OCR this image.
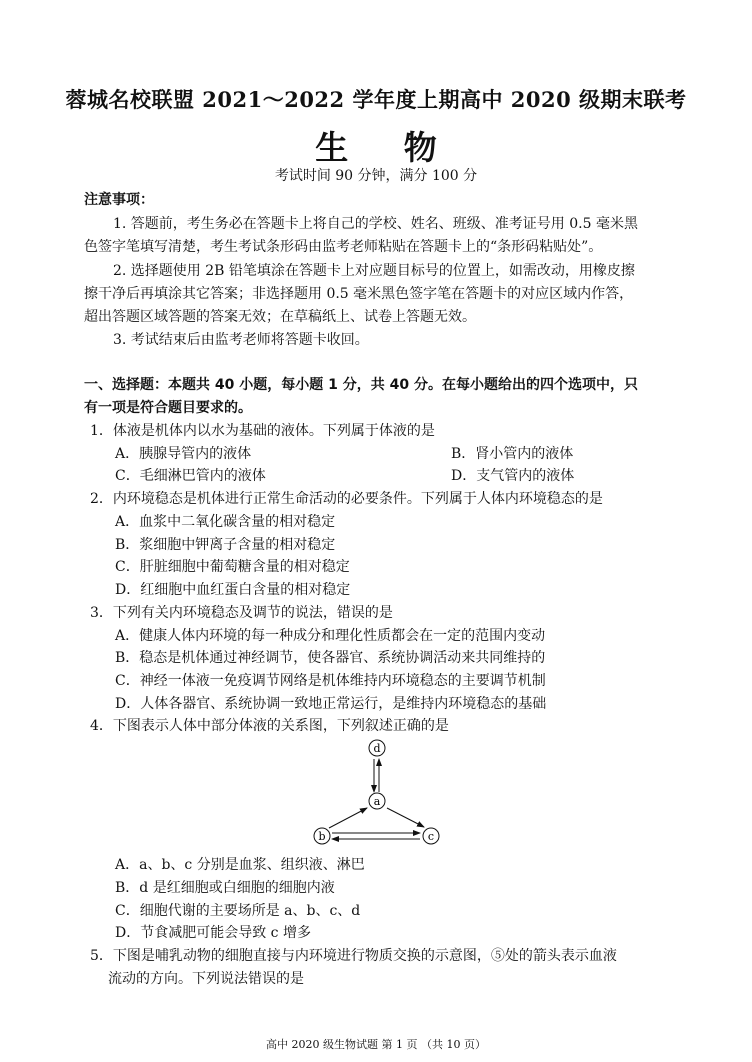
蓉城名校联盟 2021～2022 学年度上期高中 2020 级期末联考
生 物
考试时间 90 分钟，满分 100 分
注意事项：
1. 答题前，考生务必在答题卡上将自己的学校、姓名、班级、准考证号用 0.5 毫米黑
色签字笔填写清楚，考生考试条形码由监考老师粘贴在答题卡上的“条形码粘贴处”。
2. 选择题使用 2B 铅笔填涂在答题卡上对应题目标号的位置上，如需改动，用橡皮擦
擦干净后再填涂其它答案；非选择题用 0.5 毫米黑色签字笔在答题卡的对应区域内作答，
超出答题区域答题的答案无效；在草稿纸上、试卷上答题无效。
3. 考试结束后由监考老师将答题卡收回。
一、选择题：本题共 40 小题，每小题 1 分，共 40 分。在每小题给出的四个选项中，只
有一项是符合题目要求的。
1．体液是机体内以水为基础的液体。下列属于体液的是
A．胰腺导管内的液体	B．肾小管内的液体
C．毛细淋巴管内的液体	D．支气管内的液体
2．内环境稳态是机体进行正常生命活动的必要条件。下列属于人体内环境稳态的是
A．血浆中二氧化碳含量的相对稳定
B．浆细胞中钾离子含量的相对稳定
C．肝脏细胞中葡萄糖含量的相对稳定
D．红细胞中血红蛋白含量的相对稳定
3．下列有关内环境稳态及调节的说法，错误的是
A．健康人体内环境的每一种成分和理化性质都会在一定的范围内变动
B．稳态是机体通过神经调节，使各器官、系统协调活动来共同维持的
C．神经一体液一免疫调节网络是机体维持内环境稳态的主要调节机制
D．人体各器官、系统协调一致地正常运行，是维持内环境稳态的基础
4．下图表示人体中部分体液的关系图，下列叙述正确的是
d
a
b	c
A．a、b、c 分别是血浆、组织液、淋巴
B．d 是红细胞或白细胞的细胞内液
C．细胞代谢的主要场所是 a、b、c、d
D．节食减肥可能会导致 c 增多
5．下图是哺乳动物的细胞直接与内环境进行物质交换的示意图，⑤处的箭头表示血液
流动的方向。下列说法错误的是
高中 2020 级生物试题 第 1 页 （共 10 页）
